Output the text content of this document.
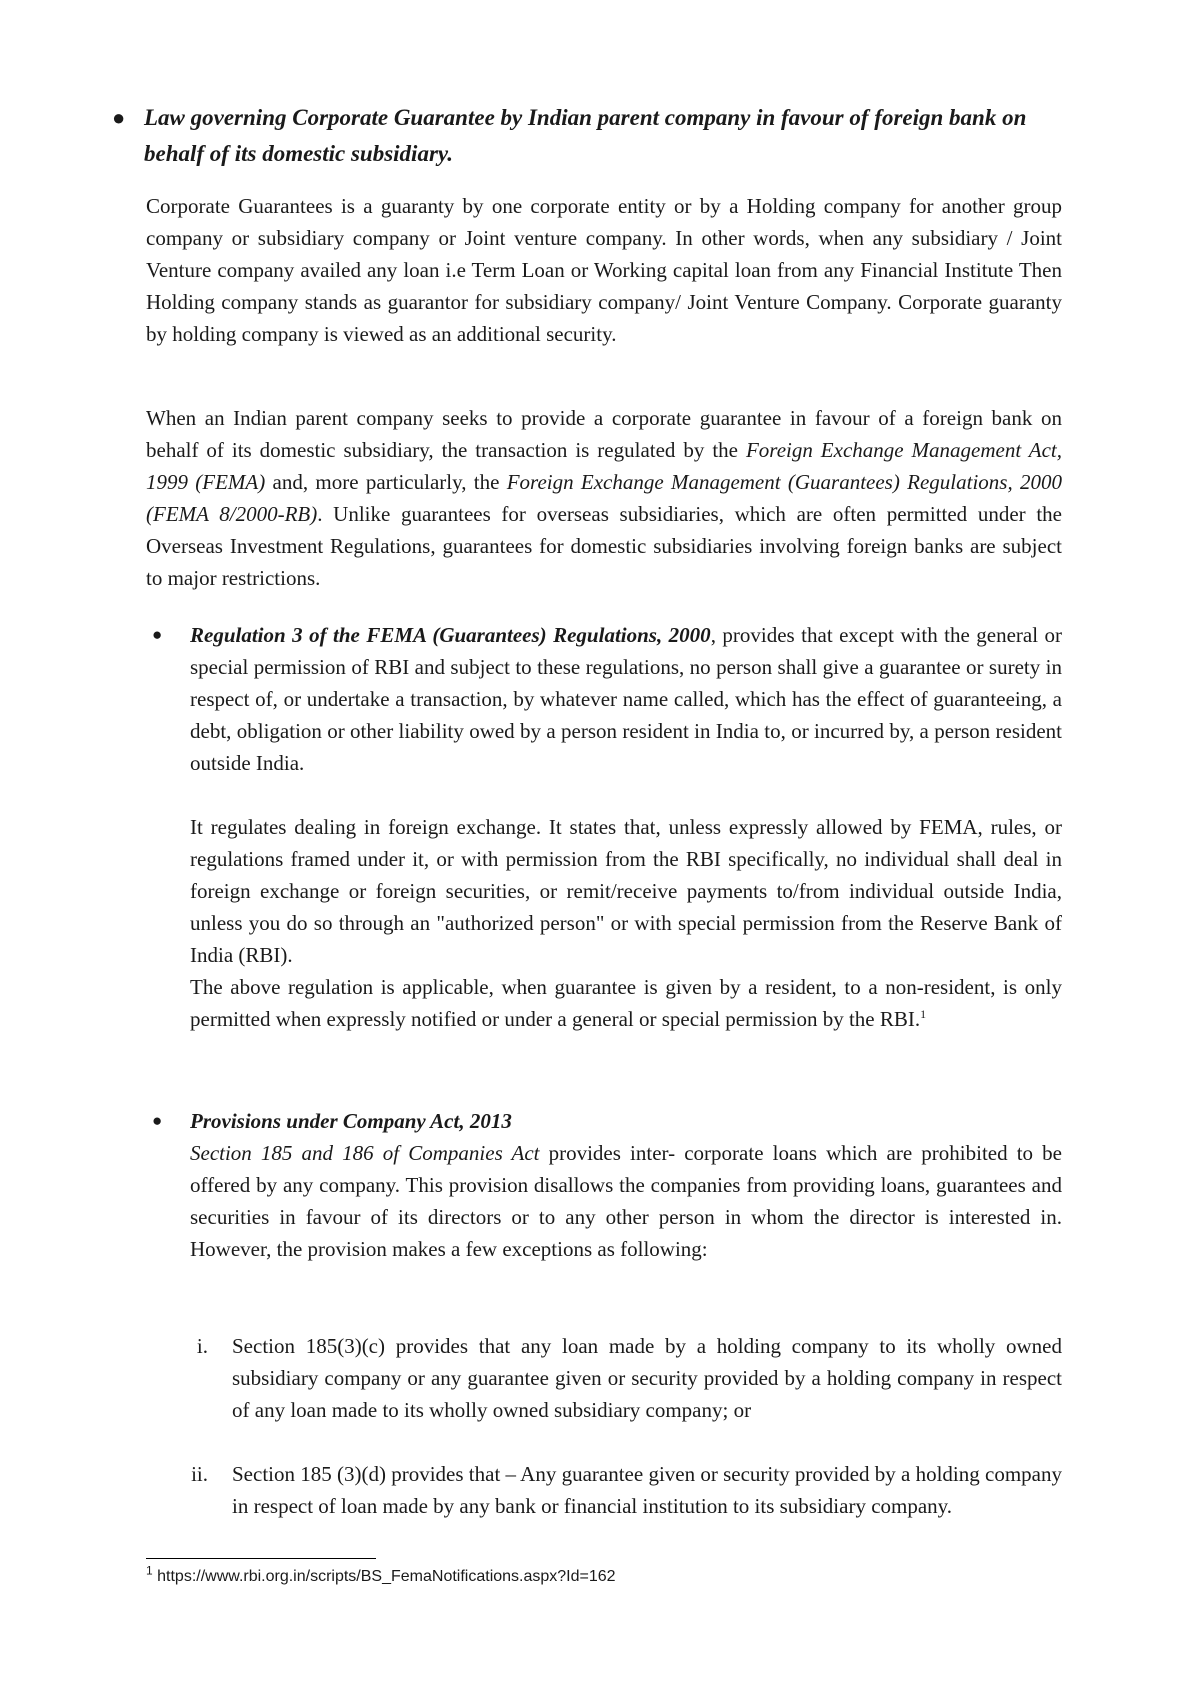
● Law governing Corporate Guarantee by Indian parent company in favour of foreign bank on behalf of its domestic subsidiary.

Corporate Guarantees is a guaranty by one corporate entity or by a Holding company for another group company or subsidiary company or Joint venture company. In other words, when any subsidiary / Joint Venture company availed any loan i.e Term Loan or Working capital loan from any Financial Institute Then Holding company stands as guarantor for subsidiary company/ Joint Venture Company. Corporate guaranty by holding company is viewed as an additional security.

When an Indian parent company seeks to provide a corporate guarantee in favour of a foreign bank on behalf of its domestic subsidiary, the transaction is regulated by the Foreign Exchange Management Act, 1999 (FEMA) and, more particularly, the Foreign Exchange Management (Guarantees) Regulations, 2000 (FEMA 8/2000-RB). Unlike guarantees for overseas subsidiaries, which are often permitted under the Overseas Investment Regulations, guarantees for domestic subsidiaries involving foreign banks are subject to major restrictions.

● Regulation 3 of the FEMA (Guarantees) Regulations, 2000, provides that except with the general or special permission of RBI and subject to these regulations, no person shall give a guarantee or surety in respect of, or undertake a transaction, by whatever name called, which has the effect of guaranteeing, a debt, obligation or other liability owed by a person resident in India to, or incurred by, a person resident outside India.
It regulates dealing in foreign exchange. It states that, unless expressly allowed by FEMA, rules, or regulations framed under it, or with permission from the RBI specifically, no individual shall deal in foreign exchange or foreign securities, or remit/receive payments to/from individual outside India, unless you do so through an "authorized person" or with special permission from the Reserve Bank of India (RBI).
The above regulation is applicable, when guarantee is given by a resident, to a non-resident, is only permitted when expressly notified or under a general or special permission by the RBI.$^1$
● Provisions under Company Act, 2013
Section 185 and 186 of Companies Act provides inter- corporate loans which are prohibited to be offered by any company. This provision disallows the companies from providing loans, guarantees and securities in favour of its directors or to any other person in whom the director is interested in. However, the provision makes a few exceptions as following:
i. Section 185(3)(c) provides that any loan made by a holding company to its wholly owned subsidiary company or any guarantee given or security provided by a holding company in respect of any loan made to its wholly owned subsidiary company; or
ii. Section 185 (3)(d) provides that – Any guarantee given or security provided by a holding company in respect of loan made by any bank or financial institution to its subsidiary company.
$^1$ https://www.rbi.org.in/scripts/BS_FemaNotifications.aspx?Id=162
